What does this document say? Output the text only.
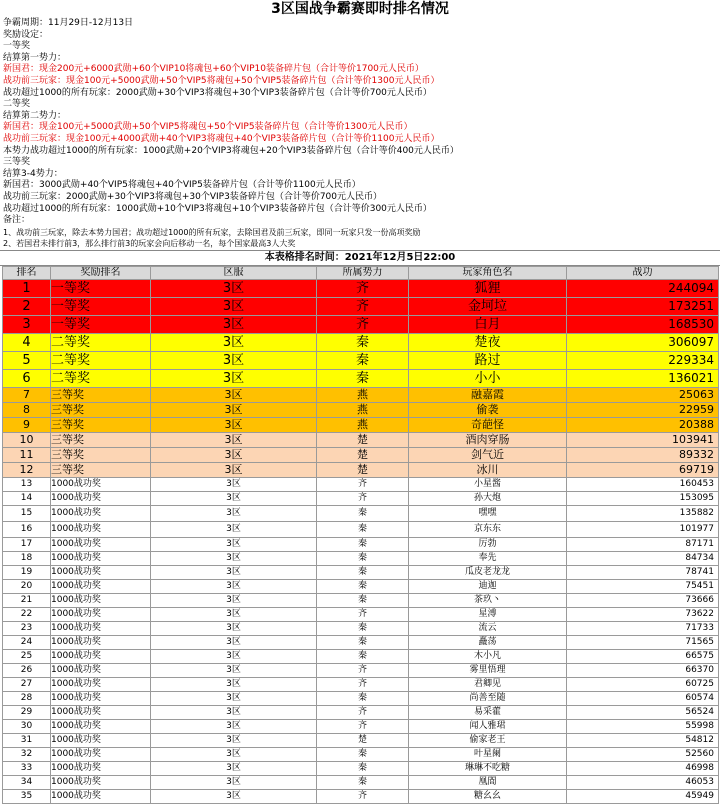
3区国战争霸赛即时排名情况
争霸周期：11月29日-12月13日
奖励设定：
一等奖
结算第一势力：
新国君：现金200元+6000武勋+60个VIP10将魂包+60个VIP10装备碎片包（合计等价1700元人民币）
战功前三玩家：现金100元+5000武勋+50个VIP5将魂包+50个VIP5装备碎片包（合计等价1300元人民币）
战功超过1000的所有玩家：2000武勋+30个VIP3将魂包+30个VIP3装备碎片包（合计等价700元人民币）
二等奖
结算第二势力：
新国君：现金100元+5000武勋+50个VIP5将魂包+50个VIP5装备碎片包（合计等价1300元人民币）
战功前三玩家：现金100元+4000武勋+40个VIP3将魂包+40个VIP3装备碎片包（合计等价1100元人民币）
本势力战功超过1000的所有玩家：1000武勋+20个VIP3将魂包+20个VIP3装备碎片包（合计等价400元人民币）
三等奖
结算3-4势力：
新国君：3000武勋+40个VIP5将魂包+40个VIP5装备碎片包（合计等价1100元人民币）
战功前三玩家：2000武勋+30个VIP3将魂包+30个VIP3装备碎片包（合计等价700元人民币）
战功超过1000的所有玩家：1000武勋+10个VIP3将魂包+10个VIP3装备碎片包（合计等价300元人民币）
备注：
1、战功前三玩家，除去本势力国君；战功超过1000的所有玩家，去除国君及前三玩家，即同一玩家只发一份高项奖励
2、若国君未排行前3，那么排行前3的玩家会向后移动一名，每个国家最高3人大奖
本表格排名时间：2021年12月5日22:00
排名	奖励排名	区服	所属势力	玩家角色名	战功
1	一等奖	3区	齐	狐狸	244094
2	一等奖	3区	齐	金坷垃	173251
3	一等奖	3区	齐	白月	168530
4	二等奖	3区	秦	楚夜	306097
5	二等奖	3区	秦	路过	229334
6	二等奖	3区	秦	小小	136021
7	三等奖	3区	燕	融嘉霞	25063
8	三等奖	3区	燕	偷袭	22959
9	三等奖	3区	燕	奇葩怪	20388
10	三等奖	3区	楚	酒肉穿肠	103941
11	三等奖	3区	楚	剑气近	89332
12	三等奖	3区	楚	冰川	69719
13	1000战功奖	3区	齐	小星酱	160453
14	1000战功奖	3区	齐	孙大炮	153095
15	1000战功奖	3区	秦	嘿嘿	135882
16	1000战功奖	3区	秦	京东东	101977
17	1000战功奖	3区	秦	厉勃	87171
18	1000战功奖	3区	秦	奉先	84734
19	1000战功奖	3区	秦	瓜皮老龙龙	78741
20	1000战功奖	3区	秦	迪迦	75451
21	1000战功奖	3区	秦	茶玖丶	73666
22	1000战功奖	3区	齐	星溥	73622
23	1000战功奖	3区	秦	流云	71733
24	1000战功奖	3区	秦	矗荡	71565
25	1000战功奖	3区	秦	木小凡	66575
26	1000战功奖	3区	齐	雾里悟理	66370
27	1000战功奖	3区	齐	君卿见	60725
28	1000战功奖	3区	秦	尚善至随	60574
29	1000战功奖	3区	齐	易采藿	56524
30	1000战功奖	3区	齐	闻人雅珺	55998
31	1000战功奖	3区	楚	偷家老王	54812
32	1000战功奖	3区	秦	叶星阑	52560
33	1000战功奖	3区	秦	琳琳不吃糖	46998
34	1000战功奖	3区	秦	凰閭	46053
35	1000战功奖	3区	齐	糖幺幺	45949
